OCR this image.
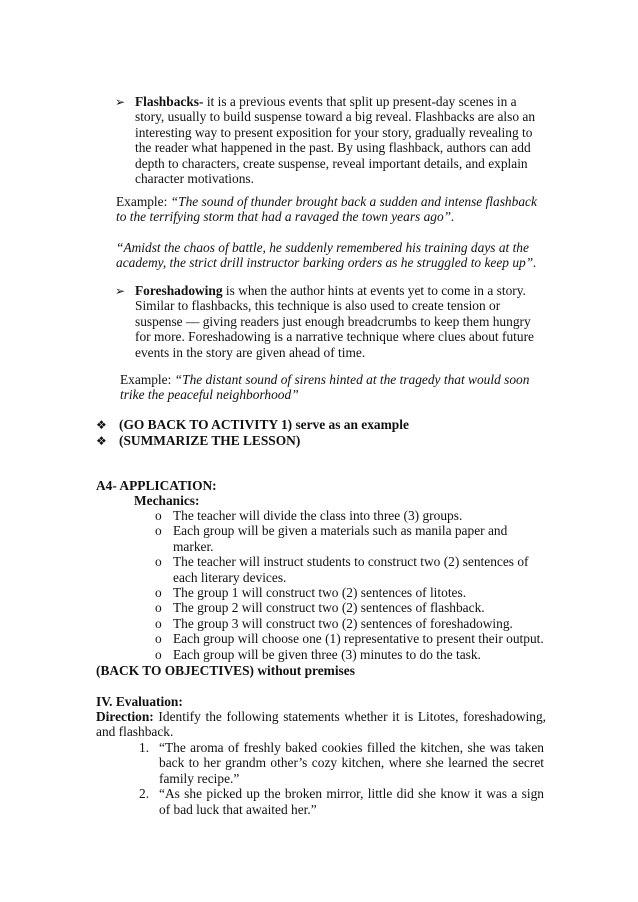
➢ Flashbacks- it is a previous events that split up present-day scenes in a story, usually to build suspense toward a big reveal. Flashbacks are also an interesting way to present exposition for your story, gradually revealing to the reader what happened in the past. By using flashback, authors can add depth to characters, create suspense, reveal important details, and explain character motivations.
Example: “The sound of thunder brought back a sudden and intense flashback to the terrifying storm that had a ravaged the town years ago”.
“Amidst the chaos of battle, he suddenly remembered his training days at the academy, the strict drill instructor barking orders as he struggled to keep up”.
➢ Foreshadowing is when the author hints at events yet to come in a story. Similar to flashbacks, this technique is also used to create tension or suspense — giving readers just enough breadcrumbs to keep them hungry for more. Foreshadowing is a narrative technique where clues about future events in the story are given ahead of time.
Example: “The distant sound of sirens hinted at the tragedy that would soon trike the peaceful neighborhood”
❖ (GO BACK TO ACTIVITY 1) serve as an example
❖ (SUMMARIZE THE LESSON)
A4- APPLICATION:
Mechanics:
o The teacher will divide the class into three (3) groups.
o Each group will be given a materials such as manila paper and marker.
o The teacher will instruct students to construct two (2) sentences of each literary devices.
o The group 1 will construct two (2) sentences of litotes.
o The group 2 will construct two (2) sentences of flashback.
o The group 3 will construct two (2) sentences of foreshadowing.
o Each group will choose one (1) representative to present their output.
o Each group will be given three (3) minutes to do the task.
(BACK TO OBJECTIVES) without premises
IV. Evaluation:
Direction: Identify the following statements whether it is Litotes, foreshadowing, and flashback.
1. “The aroma of freshly baked cookies filled the kitchen, she was taken back to her grandm other’s cozy kitchen, where she learned the secret family recipe.”
2. “As she picked up the broken mirror, little did she know it was a sign of bad luck that awaited her.”
